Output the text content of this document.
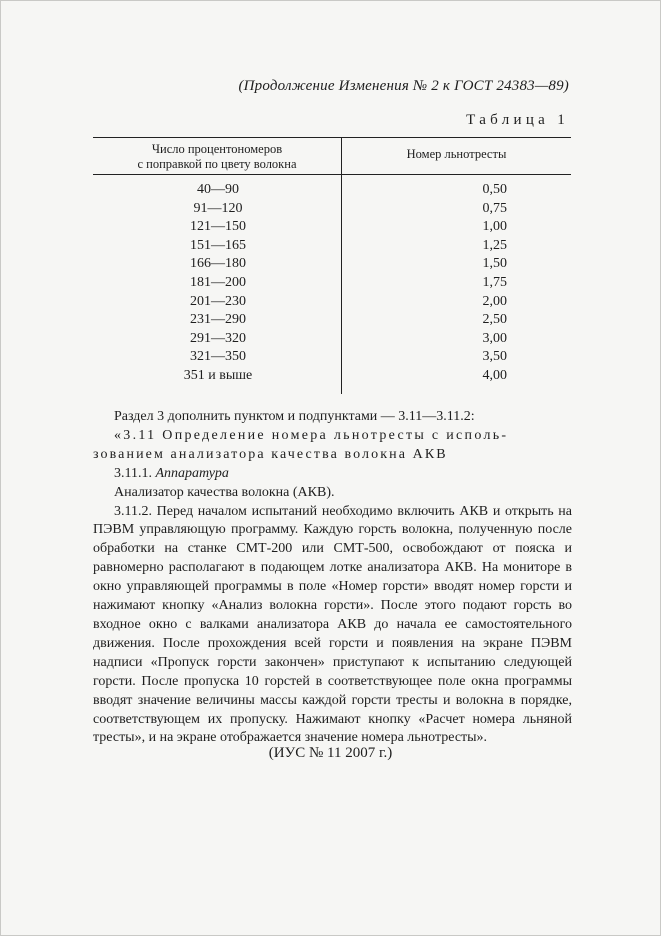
(Продолжение Изменения № 2 к ГОСТ 24383—89)
Таблица 1
Число процентономеров
с поправкой по цвету волокна
Номер льнотресты
40—90
91—120
121—150
151—165
166—180
181—200
201—230
231—290
291—320
321—350
351 и выше
0,50
0,75
1,00
1,25
1,50
1,75
2,00
2,50
3,00
3,50
4,00

Раздел 3 дополнить пунктом и подпунктами — 3.11—3.11.2:

«3.11 Определение номера льнотресты с исполь-

зованием анализатора качества волокна АКВ

3.11.1. Аппаратура

Анализатор качества волокна (АКВ).

3.11.2. Перед началом испытаний необходимо включить АКВ и открыть на ПЭВМ управляющую программу. Каждую горсть волокна, полученную после обработки на станке СМТ-200 или СМТ-500, освобождают от пояска и равномерно располагают в подающем лотке анализатора АКВ. На мониторе в окно управляющей программы в поле «Номер горсти» вводят номер горсти и нажимают кнопку «Анализ волокна горсти». После этого подают горсть во входное окно с валками анализатора АКВ до начала ее самостоятельного движения. После прохождения всей горсти и появления на экране ПЭВМ надписи «Пропуск горсти закончен» приступают к испытанию следующей горсти. После пропуска 10 горстей в соответствующее поле окна программы вводят значение величины массы каждой горсти тресты и волокна в порядке, соответствующем их пропуску. Нажимают кнопку «Расчет номера льняной тресты», и на экране отображается значение номера льнотресты».

(ИУС № 11 2007 г.)
